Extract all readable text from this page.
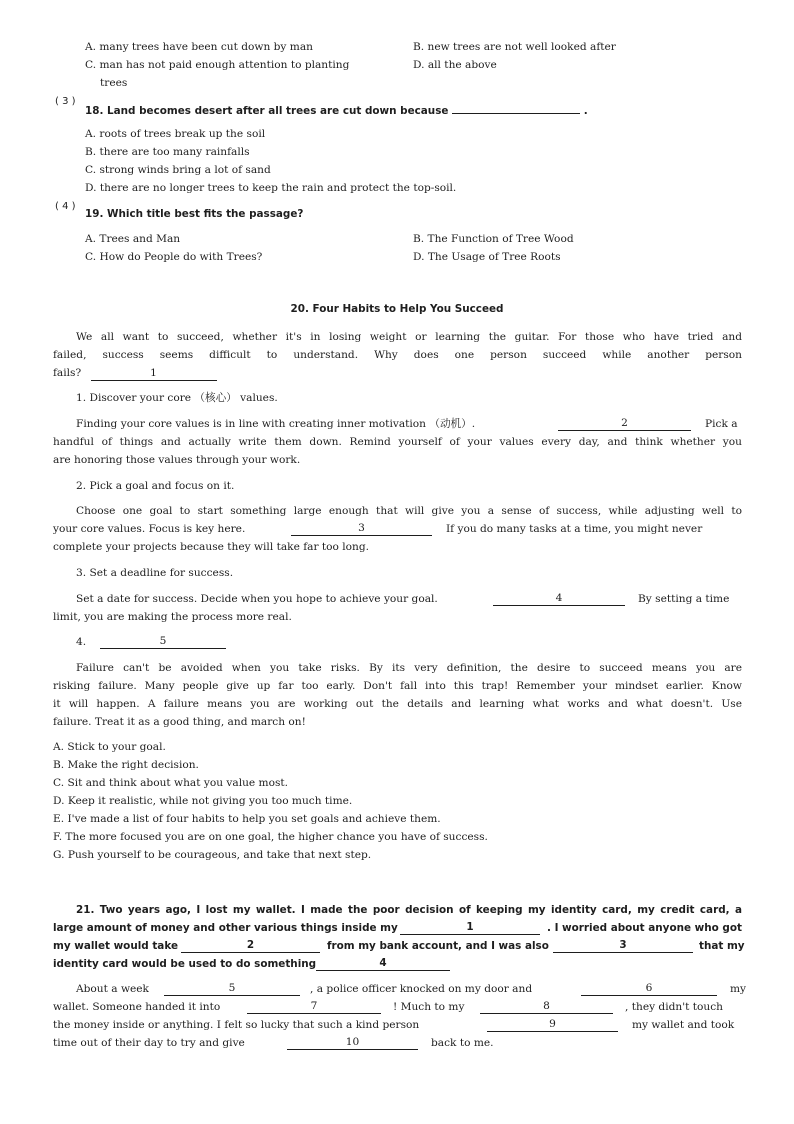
A. many trees have been cut down by man	B. new trees are not well looked after
C. man has not paid enough attention to planting	D. all the above
trees
( 3 )
18. Land becomes desert after all trees are cut down because	.
A. roots of trees break up the soil
B. there are too many rainfalls
C. strong winds bring a lot of sand
D. there are no longer trees to keep the rain and protect the top-soil.
( 4 )
19. Which title best fits the passage?
A. Trees and Man	B. The Function of Tree Wood
C. How do People do with Trees?	D. The Usage of Tree Roots
20. Four Habits to Help You Succeed
We all want to succeed, whether it's in losing weight or learning the guitar. For those who have tried and
failed, success seems difficult to understand. Why does one person succeed while another person
fails?	1
1. Discover your core （核心） values.
Finding your core values is in line with creating inner motivation （动机）.	2	Pick a
handful of things and actually write them down. Remind yourself of your values every day, and think whether you
are honoring those values through your work.
2. Pick a goal and focus on it.
Choose one goal to start something large enough that will give you a sense of success, while adjusting well to
your core values. Focus is key here.	3	If you do many tasks at a time, you might never
complete your projects because they will take far too long.
3. Set a deadline for success.
Set a date for success. Decide when you hope to achieve your goal.	4	By setting a time
limit, you are making the process more real.
4.	5
Failure can't be avoided when you take risks. By its very definition, the desire to succeed means you are
risking failure. Many people give up far too early. Don't fall into this trap! Remember your mindset earlier. Know
it will happen. A failure means you are working out the details and learning what works and what doesn't. Use
failure. Treat it as a good thing, and march on!
A. Stick to your goal.
B. Make the right decision.
C. Sit and think about what you value most.
D. Keep it realistic, while not giving you too much time.
E. I've made a list of four habits to help you set goals and achieve them.
F. The more focused you are on one goal, the higher chance you have of success.
G. Push yourself to be courageous, and take that next step.
21. Two years ago, I lost my wallet. I made the poor decision of keeping my identity card, my credit card, a
large amount of money and other various things inside my	1	. I worried about anyone who got
my wallet would take	2	from my bank account, and I was also	3	that my
identity card would be used to do something	4
About a week	5	, a police officer knocked on my door and	6	my
wallet. Someone handed it into	7	! Much to my	8	, they didn't touch
the money inside or anything. I felt so lucky that such a kind person	9	my wallet and took
time out of their day to try and give	10	back to me.
